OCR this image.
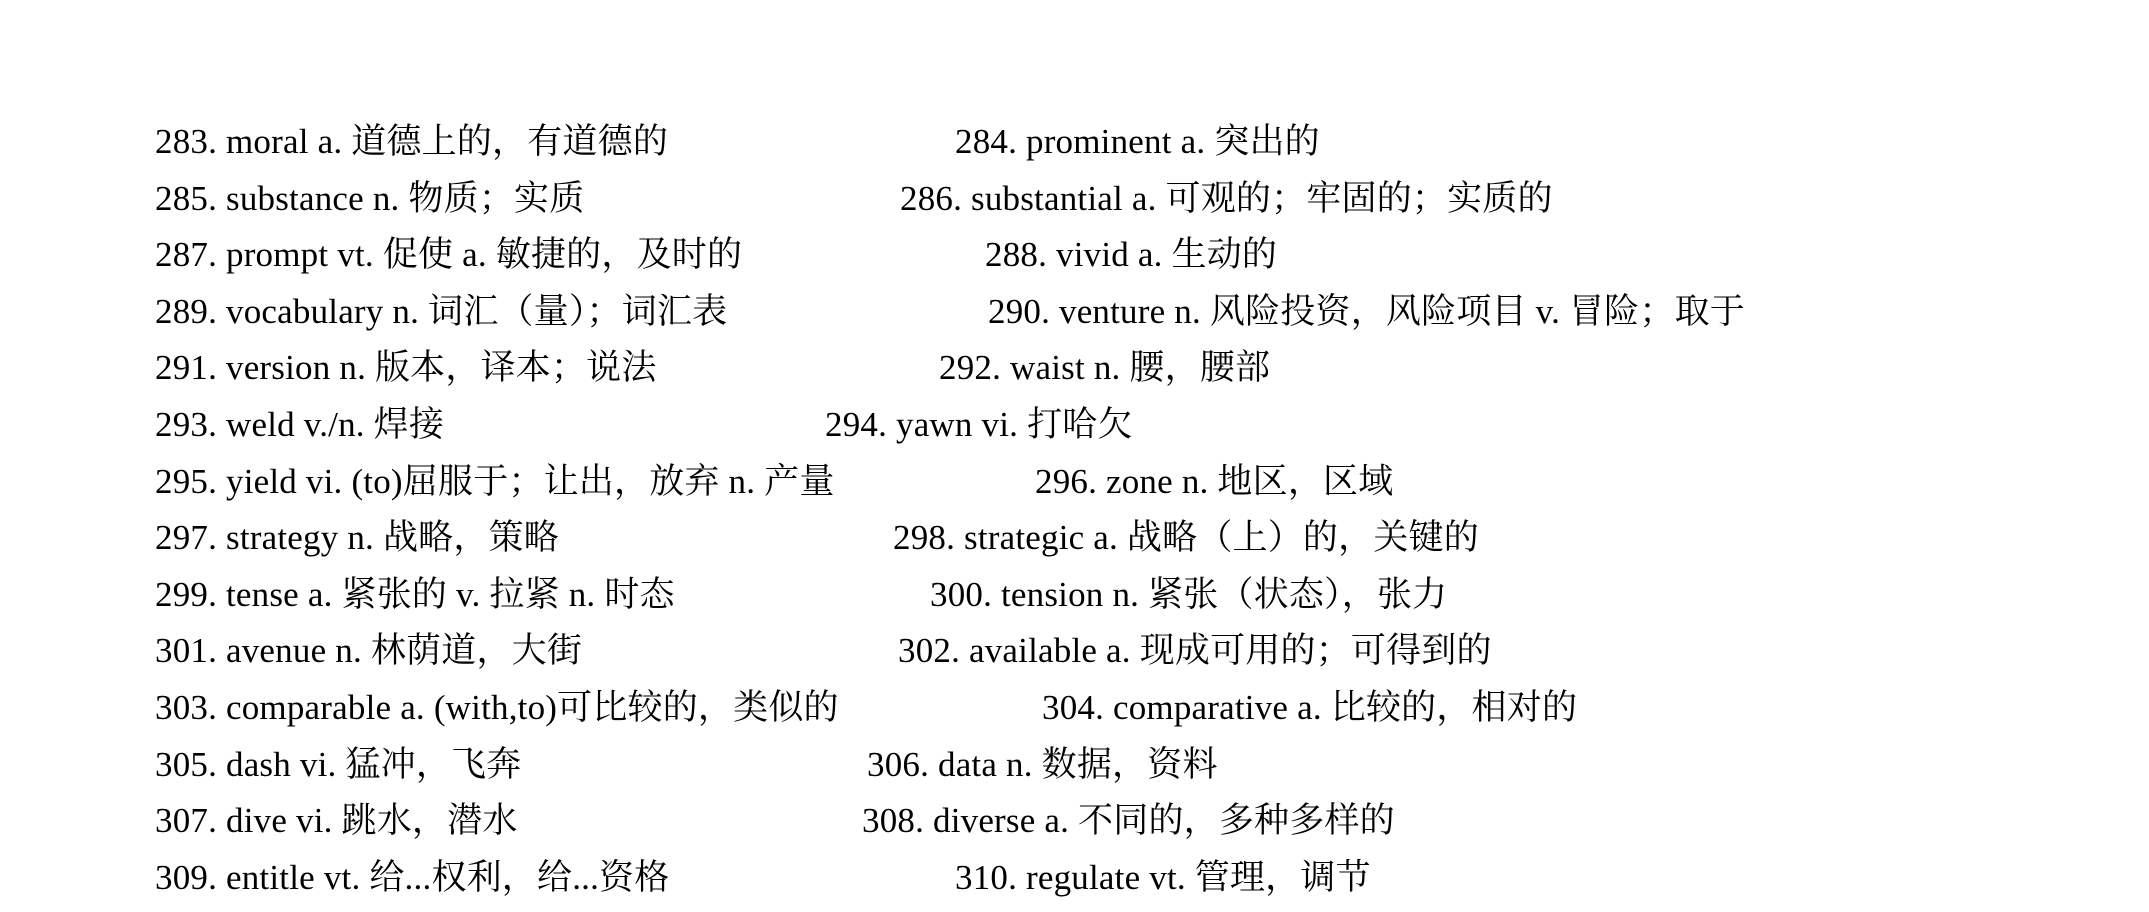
283. moral a. 道德上的，有道德的	284. prominent a. 突出的
285. substance n. 物质；实质	286. substantial a. 可观的；牢固的；实质的
287. prompt vt. 促使 a. 敏捷的，及时的	288. vivid a. 生动的
289. vocabulary n. 词汇（量）；词汇表	290. venture n. 风险投资，风险项目 v. 冒险；取于
291. version n. 版本，译本；说法	292. waist n. 腰，腰部
293. weld v./n. 焊接	294. yawn vi. 打哈欠
295. yield vi. (to)屈服于；让出，放弃 n. 产量	296. zone n. 地区，区域
297. strategy n. 战略，策略	298. strategic a. 战略（上）的，关键的
299. tense a. 紧张的 v. 拉紧 n. 时态	300. tension n. 紧张（状态），张力
301. avenue n. 林荫道，大街	302. available a. 现成可用的；可得到的
303. comparable a. (with,to)可比较的，类似的	304. comparative a. 比较的，相对的
305. dash vi. 猛冲，飞奔	306. data n. 数据，资料
307. dive vi. 跳水，潜水	308. diverse a. 不同的，多种多样的
309. entitle vt. 给...权利，给...资格	310. regulate vt. 管理，调节
